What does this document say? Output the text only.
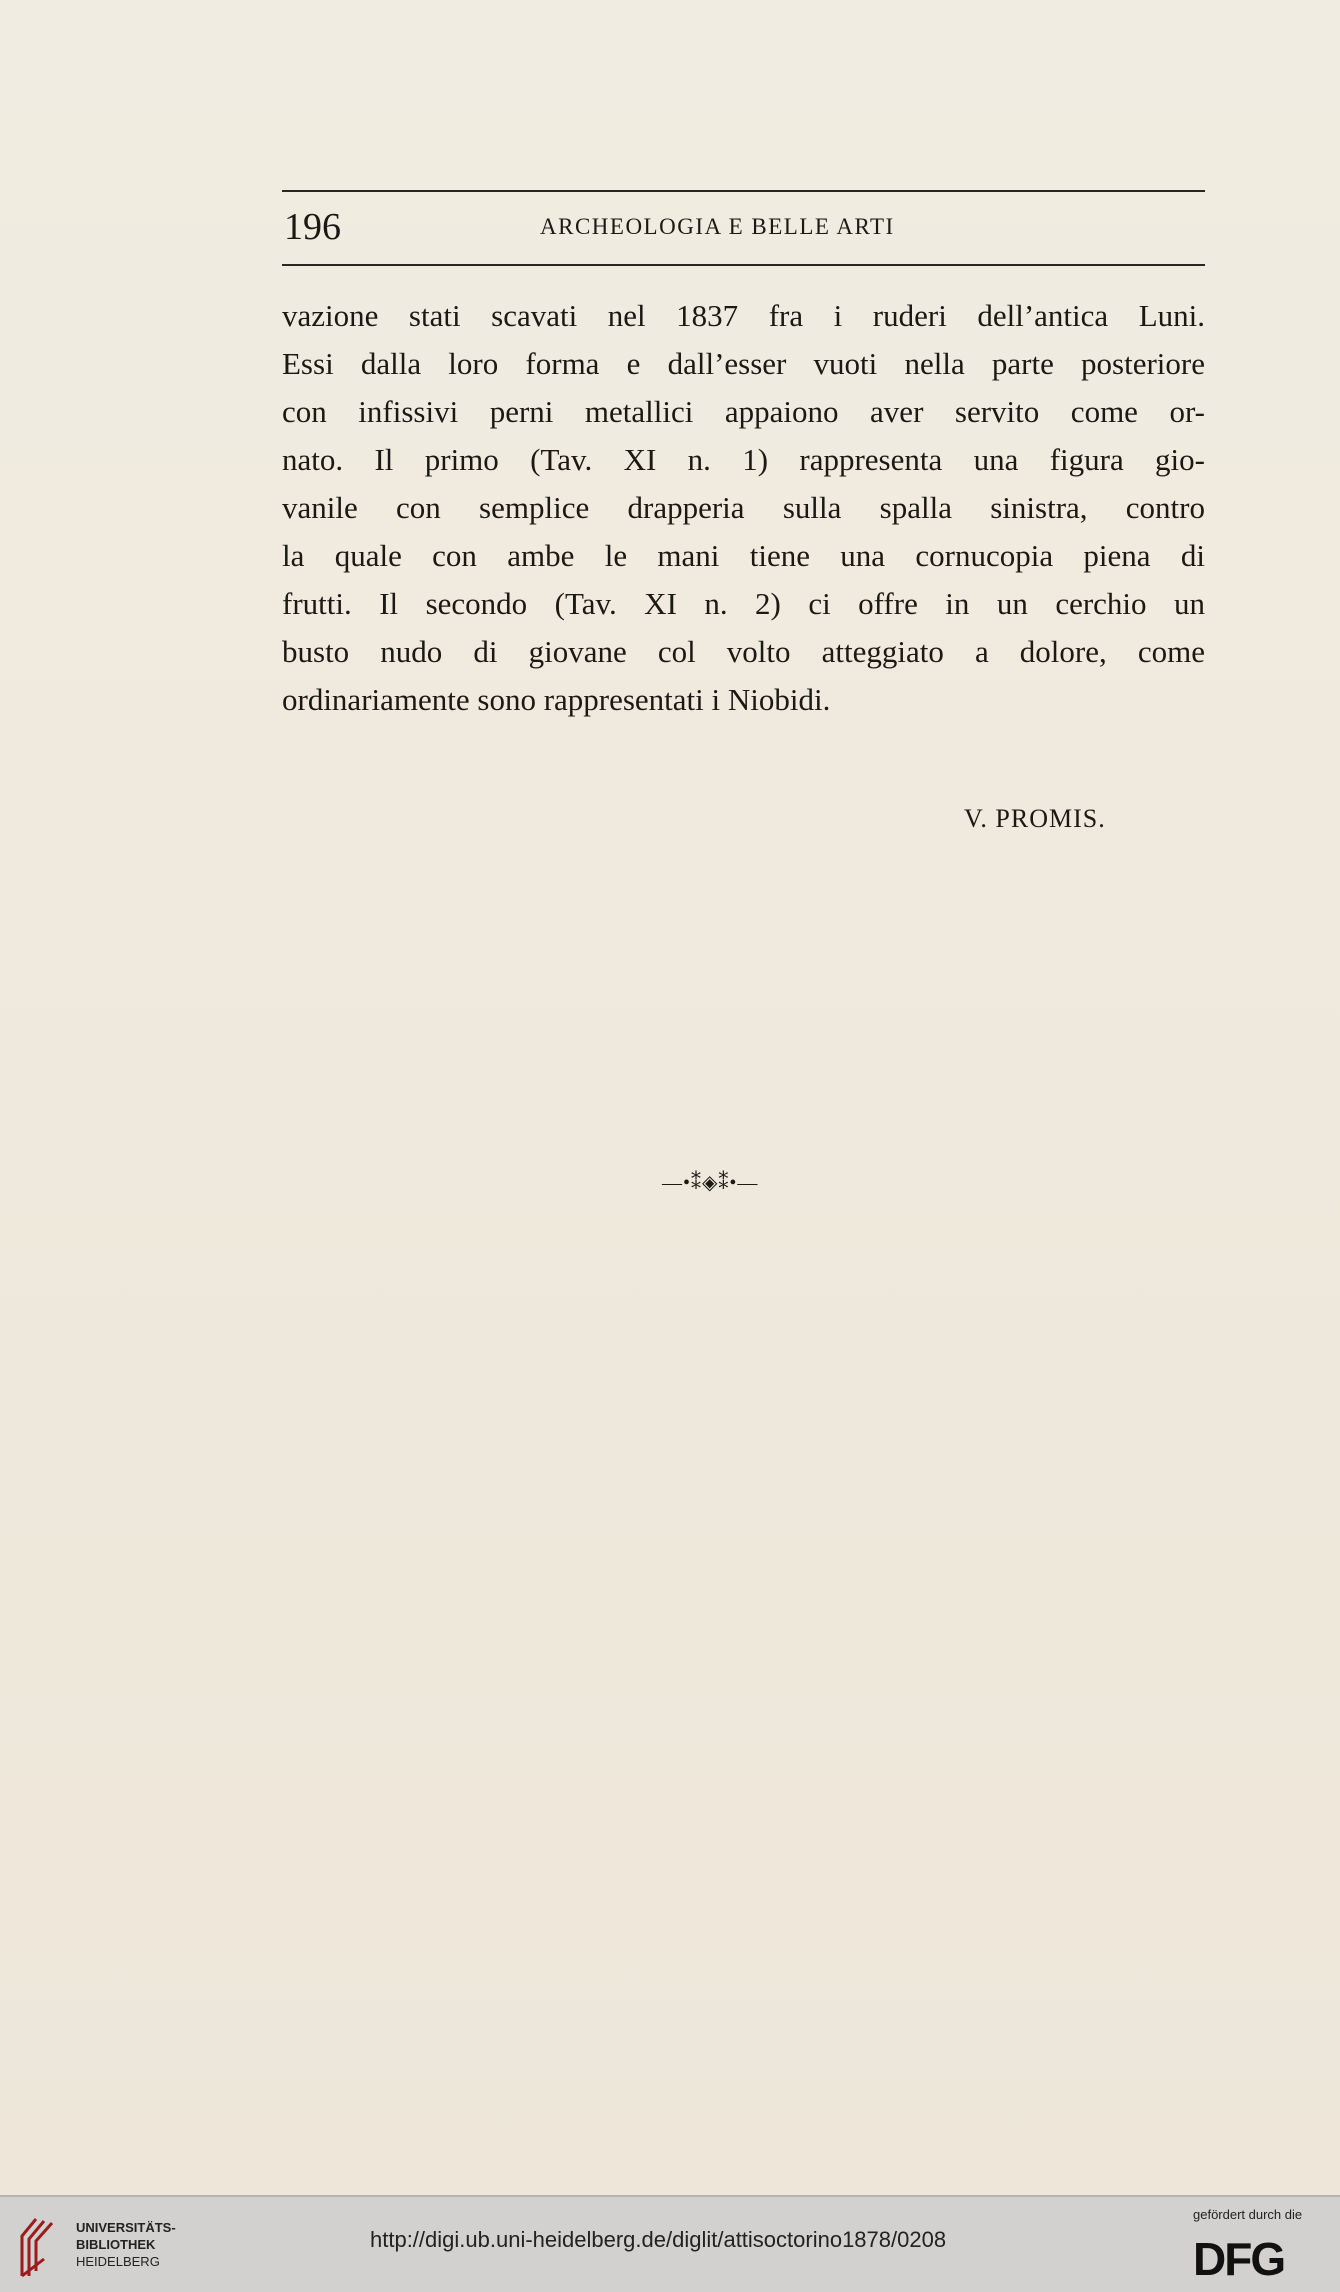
196	ARCHEOLOGIA E BELLE ARTI
vazione stati scavati nel 1837 fra i ruderi dell’antica Luni.
Essi dalla loro forma e dall’esser vuoti nella parte posteriore
con infissivi perni metallici appaiono aver servito come or-
nato. Il primo (Tav. XI n. 1) rappresenta una figura gio-
vanile con semplice drapperia sulla spalla sinistra, contro
la quale con ambe le mani tiene una cornucopia piena di
frutti. Il secondo (Tav. XI n. 2) ci offre in un cerchio un
busto nudo di giovane col volto atteggiato a dolore, come
ordinariamente sono rappresentati i Niobidi.
V. PROMIS.
—•⁑◈⁑•—
UNIVERSITÄTS-
BIBLIOTHEK
HEIDELBERG
http://digi.ub.uni-heidelberg.de/diglit/attisoctorino1878/0208
gefördert durch die
DFG
